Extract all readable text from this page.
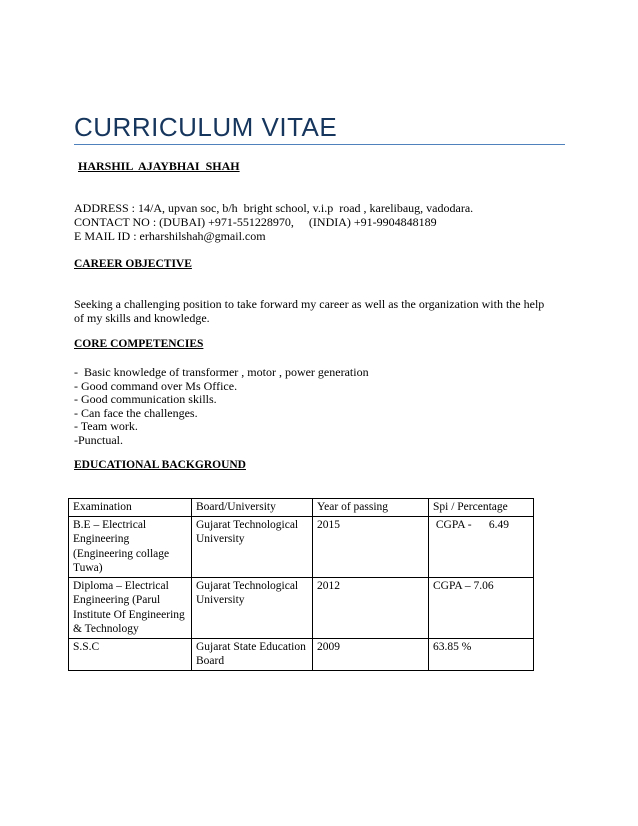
CURRICULUM VITAE
HARSHIL  AJAYBHAI  SHAH
ADDRESS : 14/A, upvan soc, b/h  bright school, v.i.p  road , karelibaug, vadodara.
CONTACT NO : (DUBAI) +971-551228970,     (INDIA) +91-9904848189
E MAIL ID : erharshilshah@gmail.com
CAREER OBJECTIVE
Seeking a challenging position to take forward my career as well as the organization with the help
of my skills and knowledge.
CORE COMPETENCIES
-  Basic knowledge of transformer , motor , power generation
- Good command over Ms Office.
- Good communication skills.
- Can face the challenges.
- Team work.
-Punctual.
EDUCATIONAL BACKGROUND
Examination	Board/University	Year of passing	Spi / Percentage
B.E – Electrical Engineering (Engineering collage Tuwa)	Gujarat Technological University	2015	CGPA -      6.49
Diploma – Electrical Engineering (Parul Institute Of Engineering & Technology	Gujarat Technological University	2012	CGPA – 7.06
S.S.C	Gujarat State Education Board	2009	63.85 %
